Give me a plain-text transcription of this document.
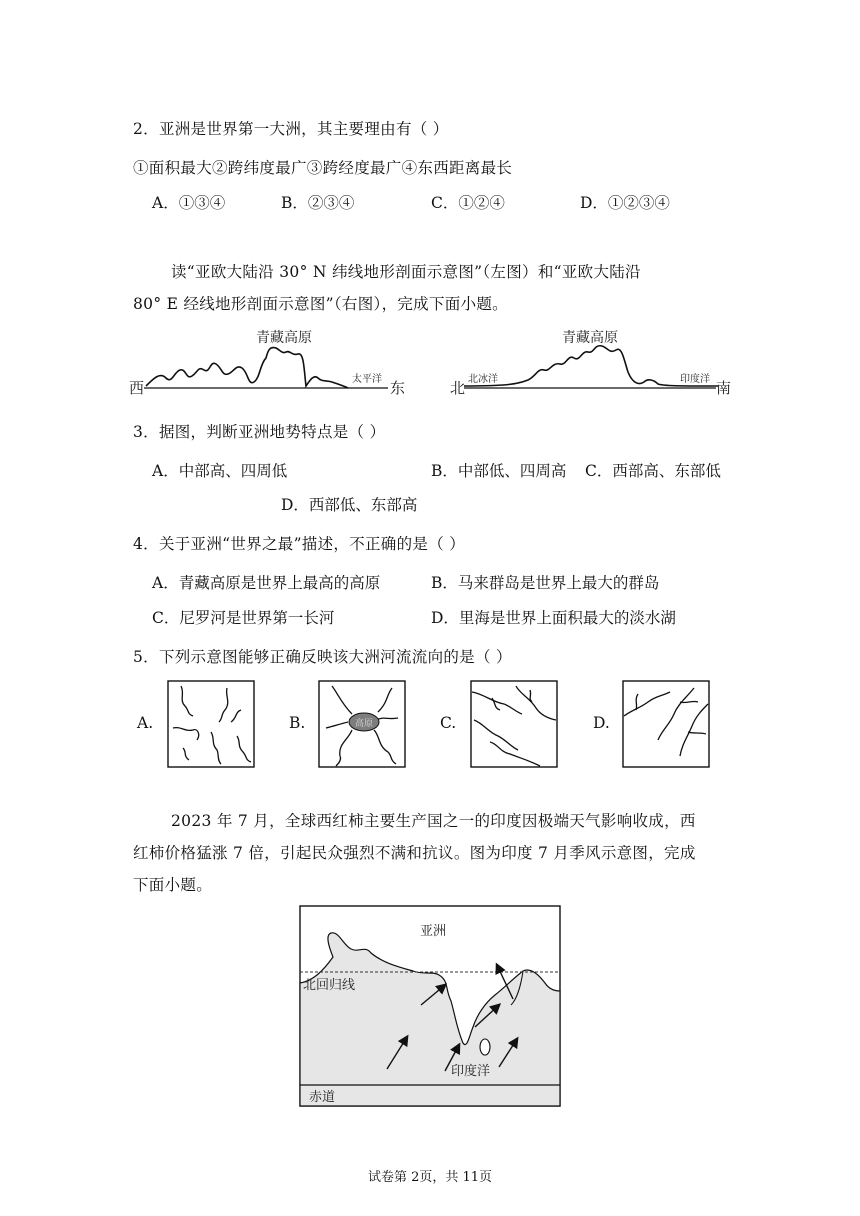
2．亚洲是世界第一大洲，其主要理由有（ ）
①面积最大②跨纬度最广③跨经度最广④东西距离最长
A．①③④	B．②③④	C．①②④	D．①②③④
读“亚欧大陆沿 30° N 纬线地形剖面示意图”（左图）和“亚欧大陆沿
80° E 经线地形剖面示意图”（右图），完成下面小题。
青藏高原
西	太平洋 东
青藏高原
北 北冰洋	印度洋 南
3．据图，判断亚洲地势特点是（ ）
A．中部高、四周低	B．中部低、四周高 C．西部高、东部低
D．西部低、东部高
4．关于亚洲“世界之最”描述，不正确的是（ ）
A．青藏高原是世界上最高的高原	B．马来群岛是世界上最大的群岛
C．尼罗河是世界第一长河	D．里海是世界上面积最大的淡水湖
5．下列示意图能够正确反映该大洲河流流向的是（ ）
A.	B.	高原	C.	D.
2023 年 7 月，全球西红柿主要生产国之一的印度因极端天气影响收成，西
红柿价格猛涨 7 倍，引起民众强烈不满和抗议。图为印度 7 月季风示意图，完成
下面小题。
亚洲
北回归线
印度洋
赤道
试卷第 2页，共 11页
